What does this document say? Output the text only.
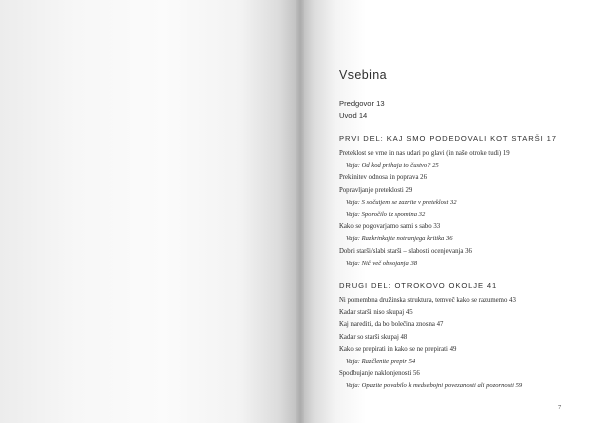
Vsebina
Predgovor 13
Uvod 14
PRVI DEL: KAJ SMO PODEDOVALI KOT STARŠI 17
Preteklost se vrne in nas udari po glavi (in naše otroke tudi) 19
Vaja: Od kod prihaja to čustvo? 25
Prekinitev odnosa in poprava 26
Popravljanje preteklosti 29
Vaja: S sočutjem se zazrite v preteklost 32
Vaja: Sporočilo iz spomina 32
Kako se pogovarjamo sami s sabo 33
Vaja: Razkrinkajte notranjega kritika 36
Dobri starši/slabi starši – slabosti ocenjevanja 36
Vaja: Nič več obsojanja 38
DRUGI DEL: OTROKOVO OKOLJE 41
Ni pomembna družinska struktura, temveč kako se razumemo 43
Kadar starši niso skupaj 45
Kaj narediti, da bo bolečina znosna 47
Kadar so starši skupaj 48
Kako se prepirati in kako se ne prepirati 49
Vaja: Razčlenite prepir 54
Spodbujanje naklonjenosti 56
Vaja: Opazite povabilo k medsebojni povezanosti ali pozornosti 59
7
